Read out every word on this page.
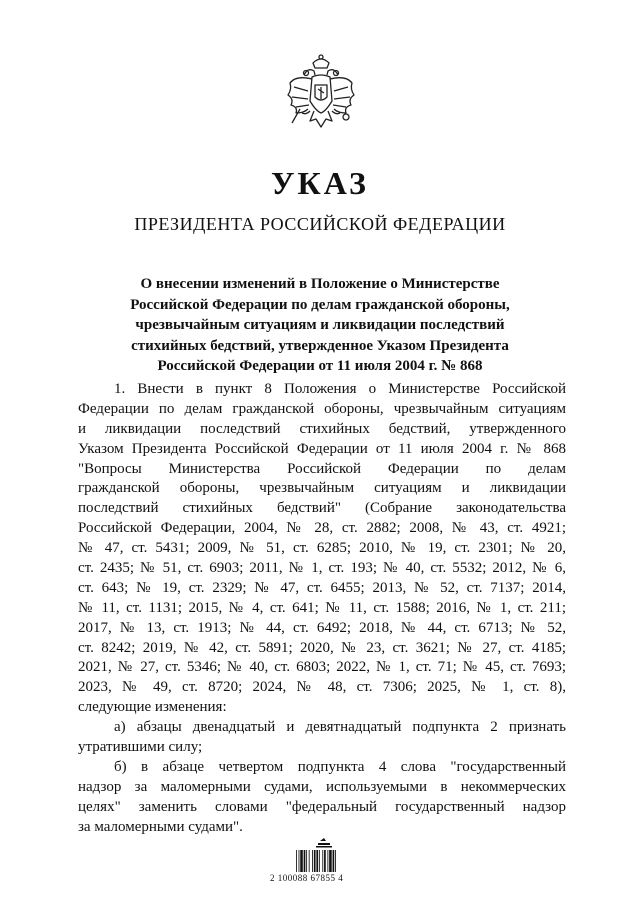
УКАЗ
ПРЕЗИДЕНТА РОССИЙСКОЙ ФЕДЕРАЦИИ
О внесении изменений в Положение о Министерстве
Российской Федерации по делам гражданской обороны,
чрезвычайным ситуациям и ликвидации последствий
стихийных бедствий, утвержденное Указом Президента
Российской Федерации от 11 июля 2004 г. № 868
1. Внести в пункт 8 Положения о Министерстве Российской
Федерации по делам гражданской обороны, чрезвычайным ситуациям
и ликвидации последствий стихийных бедствий, утвержденного
Указом Президента Российской Федерации от 11 июля 2004 г. № 868
"Вопросы Министерства Российской Федерации по делам
гражданской обороны, чрезвычайным ситуациям и ликвидации
последствий стихийных бедствий" (Собрание законодательства
Российской Федерации, 2004, № 28, ст. 2882; 2008, № 43, ст. 4921;
№ 47, ст. 5431; 2009, № 51, ст. 6285; 2010, № 19, ст. 2301; № 20,
ст. 2435; № 51, ст. 6903; 2011, № 1, ст. 193; № 40, ст. 5532; 2012, № 6,
ст. 643; № 19, ст. 2329; № 47, ст. 6455; 2013, № 52, ст. 7137; 2014,
№ 11, ст. 1131; 2015, № 4, ст. 641; № 11, ст. 1588; 2016, № 1, ст. 211;
2017, № 13, ст. 1913; № 44, ст. 6492; 2018, № 44, ст. 6713; № 52,
ст. 8242; 2019, № 42, ст. 5891; 2020, № 23, ст. 3621; № 27, ст. 4185;
2021, № 27, ст. 5346; № 40, ст. 6803; 2022, № 1, ст. 71; № 45, ст. 7693;
2023, № 49, ст. 8720; 2024, № 48, ст. 7306; 2025, № 1, ст. 8),
следующие изменения:
а) абзацы двенадцатый и девятнадцатый подпункта 2 признать
утратившими силу;
б) в абзаце четвертом подпункта 4 слова "государственный
надзор за маломерными судами, используемыми в некоммерческих
целях" заменить словами "федеральный государственный надзор
за маломерными судами".
2 100088 67855 4
